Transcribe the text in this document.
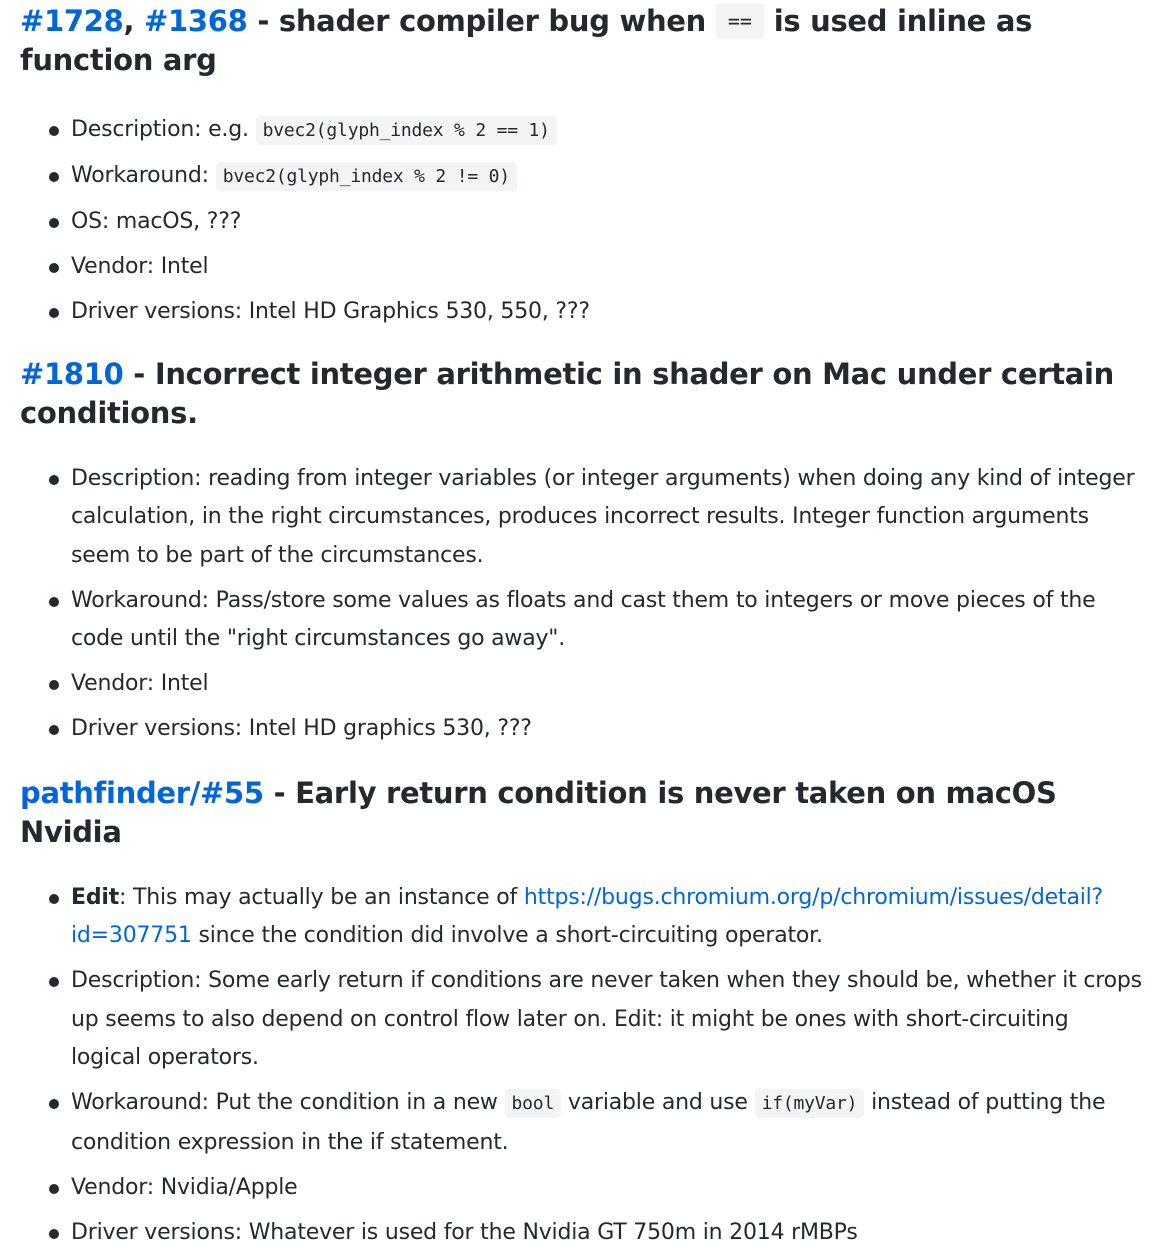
#1728, #1368 - shader compiler bug when == is used inline as function arg
Description: e.g. bvec2(glyph_index % 2 == 1)
Workaround: bvec2(glyph_index % 2 != 0)
OS: macOS, ???
Vendor: Intel
Driver versions: Intel HD Graphics 530, 550, ???
#1810 - Incorrect integer arithmetic in shader on Mac under certain conditions.
Description: reading from integer variables (or integer arguments) when doing any kind of integer calculation, in the right circumstances, produces incorrect results. Integer function arguments seem to be part of the circumstances.
Workaround: Pass/store some values as floats and cast them to integers or move pieces of the code until the "right circumstances go away".
Vendor: Intel
Driver versions: Intel HD graphics 530, ???
pathfinder/#55 - Early return condition is never taken on macOS Nvidia
Edit: This may actually be an instance of https://bugs.chromium.org/p/chromium/issues/detail?id=307751 since the condition did involve a short-circuiting operator.
Description: Some early return if conditions are never taken when they should be, whether it crops up seems to also depend on control flow later on. Edit: it might be ones with short-circuiting logical operators.
Workaround: Put the condition in a new bool variable and use if(myVar) instead of putting the condition expression in the if statement.
Vendor: Nvidia/Apple
Driver versions: Whatever is used for the Nvidia GT 750m in 2014 rMBPs
